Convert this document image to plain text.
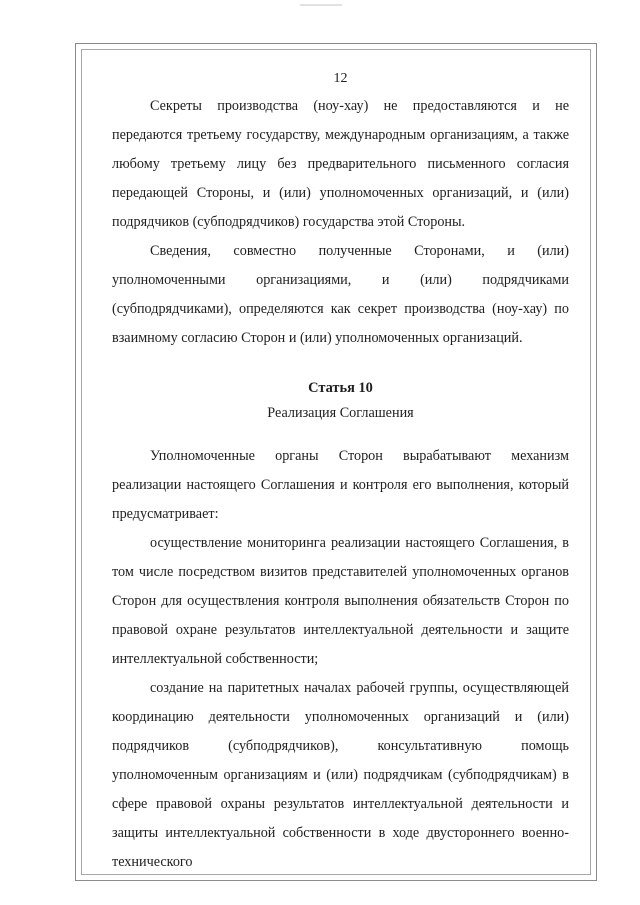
12

Секреты производства (ноу-хау) не предоставляются и не передаются третьему государству, международным организациям, а также любому третьему лицу без предварительного письменного согласия передающей Стороны, и (или) уполномоченных организаций, и (или) подрядчиков (субподрядчиков) государства этой Стороны.

Сведения, совместно полученные Сторонами, и (или) уполномоченными организациями, и (или) подрядчиками (субподрядчиками), определяются как секрет производства (ноу-хау) по взаимному согласию Сторон и (или) уполномоченных организаций.

Статья 10

Реализация Соглашения

Уполномоченные органы Сторон вырабатывают механизм реализации настоящего Соглашения и контроля его выполнения, который предусматривает:

осуществление мониторинга реализации настоящего Соглашения, в том числе посредством визитов представителей уполномоченных органов Сторон для осуществления контроля выполнения обязательств Сторон по правовой охране результатов интеллектуальной деятельности и защите интеллектуальной собственности;

создание на паритетных началах рабочей группы, осуществляющей координацию деятельности уполномоченных организаций и (или) подрядчиков (субподрядчиков), консультативную помощь уполномоченным организациям и (или) подрядчикам (субподрядчикам) в сфере правовой охраны результатов интеллектуальной деятельности и защиты интеллектуальной собственности в ходе двустороннего военно-технического
